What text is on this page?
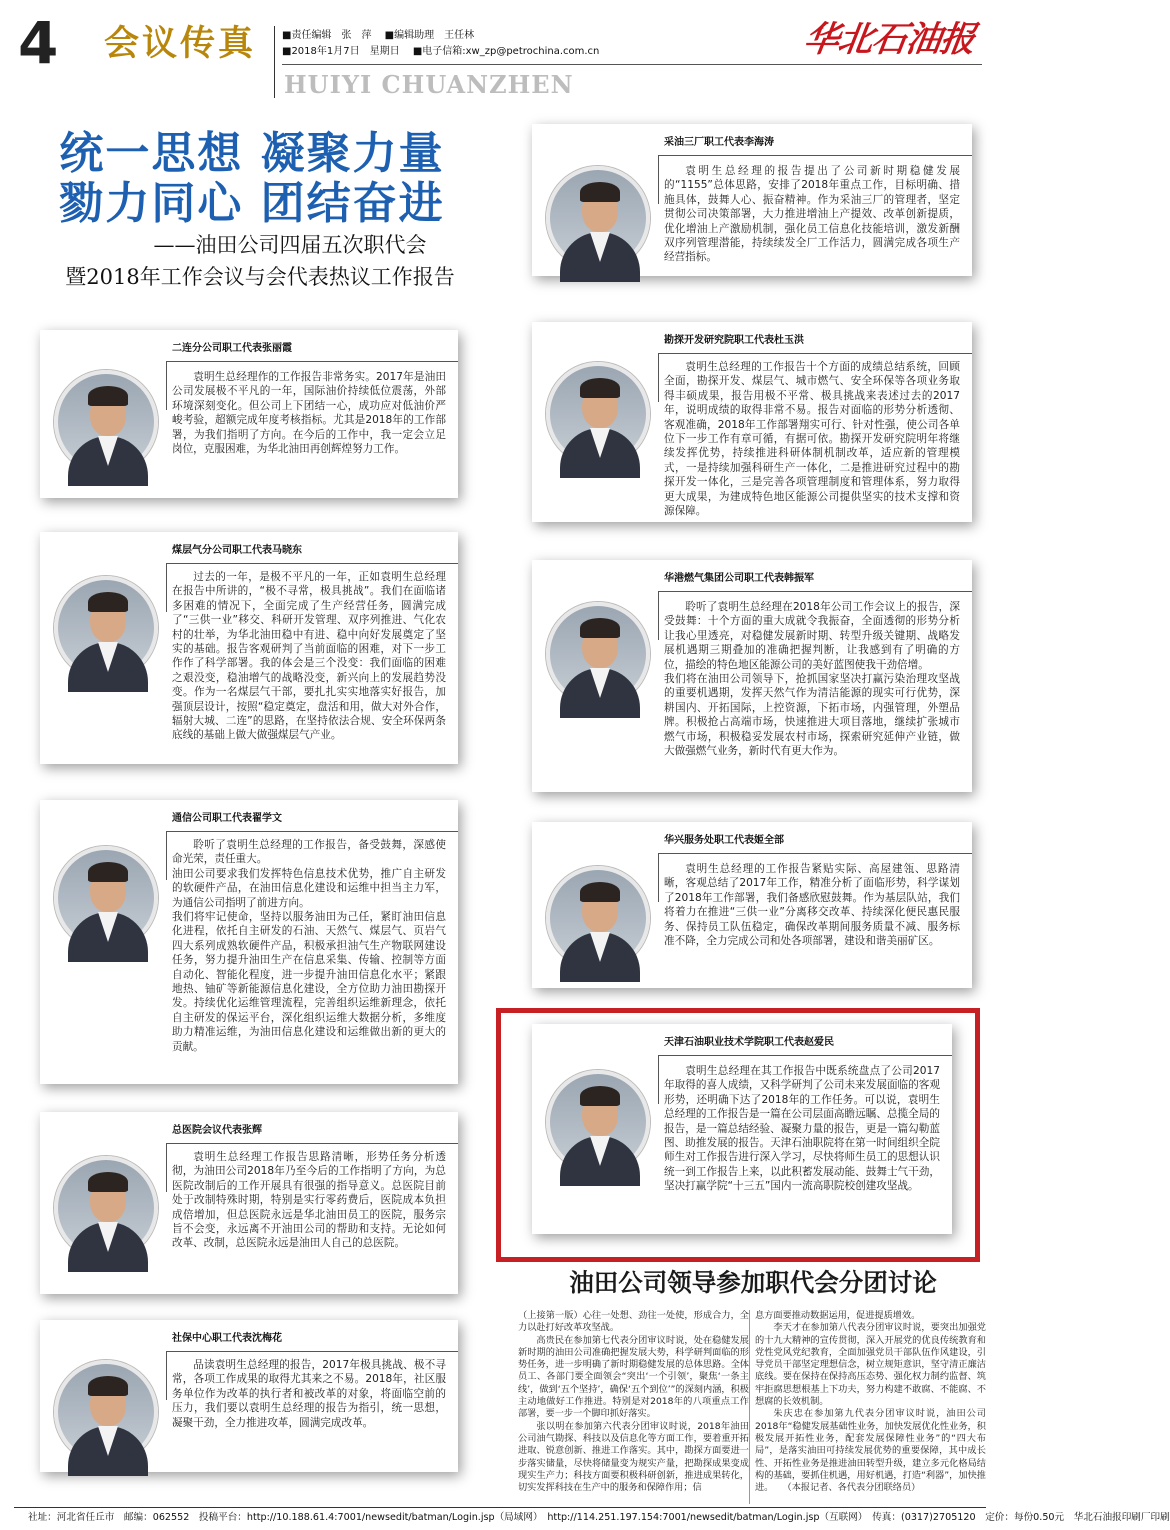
4 会议传真	■责任编辑　张　萍 ■编辑助理　王任林
■2018年1月7日　星期日 ■电子信箱:xw_zp@petrochina.com.cn
HUIYI CHUANZHEN
华北石油报
统一思想 凝聚力量
勠力同心 团结奋进
——油田公司四届五次职代会
暨2018年工作会议与会代表热议工作报告
采油三厂职工代表李海涛
袁明生总经理的报告提出了公司新时期稳健发展的“1155”总体思路，安排了2018年重点工作，目标明确、措施具体，鼓舞人心、振奋精神。作为采油三厂的管理者，坚定贯彻公司决策部署，大力推进增油上产提效、改革创新提质，优化增油上产激励机制，强化员工信息化技能培训，激发新酬双序列管理潜能，持续续发全厂工作活力，圆满完成各项生产经营指标。
勘探开发研究院职工代表杜玉洪
袁明生总经理的工作报告十个方面的成绩总结系统，回顾全面，勘探开发、煤层气、城市燃气、安全环保等各项业务取得丰硕成果，报告用极不平常、极具挑战来表述过去的2017年，说明成绩的取得非常不易。报告对面临的形势分析透彻、客观准确，2018年工作部署翔实可行、针对性强，使公司各单位下一步工作有章可循，有据可依。勘探开发研究院明年将继续发挥优势，持续推进科研体制机制改革，适应新的管理模式，一是持续加强科研生产一体化，二是推进研究过程中的勘探开发一体化，三是完善各项管理制度和管理体系，努力取得更大成果，为建成特色地区能源公司提供坚实的技术支撑和资源保障。
华港燃气集团公司职工代表韩振军
聆听了袁明生总经理在2018年公司工作会议上的报告，深受鼓舞：十个方面的重大成就令我振奋，全面透彻的形势分析让我心里透亮，对稳健发展新时期、转型升级关键期、战略发展机遇期三期叠加的准确把握判断，让我感到有了明确的方位，描绘的特色地区能源公司的美好蓝图使我干劲倍增。
我们将在油田公司领导下，抢抓国家坚决打赢污染治理攻坚战的重要机遇期，发挥天然气作为清洁能源的现实可行优势，深耕国内、开拓国际，上控资源，下拓市场，内强管理，外塑品牌。积极抢占高端市场，快速推进大项目落地，继续扩张城市燃气市场，积极稳妥发展农村市场，探索研究延伸产业链，做大做强燃气业务，新时代有更大作为。
华兴服务处职工代表姬全部
袁明生总经理的工作报告紧贴实际、高屋建瓴、思路清晰，客观总结了2017年工作，精准分析了面临形势，科学谋划了2018年工作部署，我们备感欣慰鼓舞。作为基层队站，我们将着力在推进“三供一业”分离移交改革、持续深化便民惠民服务、保持员工队伍稳定，确保改革期间服务质量不减、服务标准不降，全力完成公司和处各项部署，建设和谐美丽矿区。
天津石油职业技术学院职工代表赵爱民
袁明生总经理在其工作报告中既系统盘点了公司2017年取得的喜人成绩，又科学研判了公司未来发展面临的客观形势，还明确下达了2018年的工作任务。可以说，袁明生总经理的工作报告是一篇在公司层面高瞻远瞩、总揽全局的报告，是一篇总结经验、凝聚力量的报告，更是一篇勾勒蓝图、助推发展的报告。天津石油职院将在第一时间组织全院师生对工作报告进行深入学习，尽快将师生员工的思想认识统一到工作报告上来，以此积蓄发展动能、鼓舞士气干劲，坚决打赢学院“十三五”国内一流高职院校创建攻坚战。
二连分公司职工代表张丽霞
袁明生总经理作的工作报告非常务实。2017年是油田公司发展极不平凡的一年，国际油价持续低位震荡，外部环境深刻变化。但公司上下团结一心，成功应对低油价严峻考验，超额完成年度考核指标。尤其是2018年的工作部署，为我们指明了方向。在今后的工作中，我一定会立足岗位，克服困难，为华北油田再创辉煌努力工作。
煤层气分公司职工代表马晓东
过去的一年，是极不平凡的一年，正如袁明生总经理在报告中所讲的，“极不寻常，极具挑战”。我们在面临诸多困难的情况下，全面完成了生产经营任务，圆满完成了“三供一业”移交、科研开发管理、双序列推进、气化农村的壮举，为华北油田稳中有进、稳中向好发展奠定了坚实的基础。报告客观研判了当前面临的困难，对下一步工作作了科学部署。我的体会是三个没变：我们面临的困难之艰没变，稳油增气的战略没变，新兴向上的发展趋势没变。作为一名煤层气干部，要扎扎实实地落实好报告，加强顶层设计，按照“稳定奠定，盘活和用，做大对外合作，辐射大城、二连”的思路，在坚持依法合规、安全环保两条底线的基础上做大做强煤层气产业。
通信公司职工代表翟学文
聆听了袁明生总经理的工作报告，备受鼓舞，深感使命光荣，责任重大。
油田公司要求我们发挥特色信息技术优势，推广自主研发的软硬件产品，在油田信息化建设和运维中担当主力军，为通信公司指明了前进方向。
我们将牢记使命，坚持以服务油田为己任，紧盯油田信息化进程，依托自主研发的石油、天然气、煤层气、页岩气四大系列成熟软硬件产品，积极承担油气生产物联网建设任务，努力提升油田生产在信息采集、传输、控制等方面自动化、智能化程度，进一步提升油田信息化水平；紧跟地热、铀矿等新能源信息化建设，全方位助力油田勘探开发。持续优化运维管理流程，完善组织运维新理念，依托自主研发的保运平台，深化组织运维大数据分析，多维度助力精准运维，为油田信息化建设和运维做出新的更大的贡献。
总医院会议代表张辉
袁明生总经理工作报告思路清晰，形势任务分析透彻，为油田公司2018年乃至今后的工作指明了方向，为总医院改制后的工作开展具有很强的指导意义。总医院目前处于改制特殊时期，特别是实行零药费后，医院成本负担成倍增加，但总医院永远是华北油田员工的医院，服务宗旨不会变，永远离不开油田公司的帮助和支持。无论如何改革、改制，总医院永远是油田人自己的总医院。
社保中心职工代表沈梅花
品读袁明生总经理的报告，2017年极具挑战、极不寻常，各项工作成果的取得尤其来之不易。2018年，社区服务单位作为改革的执行者和被改革的对象，将面临空前的压力，我们要以袁明生总经理的报告为指引，统一思想，凝聚干劲，全力推进攻革，圆满完成改革。
油田公司领导参加职代会分团讨论

（上接第一版）心往一处想、劲往一处使，形成合力，全力以赴打好改革攻坚战。

高贵民在参加第七代表分团审议时说，处在稳健发展新时期的油田公司准确把握发展大势，科学研判面临的形势任务，进一步明确了新时期稳健发展的总体思路。全体员工、各部门要全面领会“突出‘一个引领’，聚焦‘一条主线’，做到‘五个坚持’，确保‘五个到位’”的深刻内涵，积极主动地做好工作推进。特别是对2018年的八项重点工作部署，要一步一个脚印抓好落实。

张以明在参加第六代表分团审议时说，2018年油田公司油气勘探、科技以及信息化等方面工作，要着重开拓进取、锐意创新、推进工作落实。其中，勘探方面要进一步落实储量，尽快将储量变为规实产量，把勘探成果变成现实生产力；科技方面要积极科研创新，推进成果转化，切实发挥科技在生产中的服务和保障作用；信

息方面要推动数据运用，促进提质增效。

李天才在参加第八代表分团审议时说，要突出加强党的十九大精神的宣传贯彻，深入开展党的优良传统教育和党性党风党纪教育，全面加强党员干部队伍作风建设，引导党员干部坚定理想信念，树立规矩意识，坚守清正廉洁底线。要在保持在保持高压态势、强化权力制约监督、筑牢拒腐思想根基上下功夫，努力构建不敢腐、不能腐、不想腐的长效机制。

朱庆忠在参加第九代表分团审议时说，油田公司2018年“稳健发展基础性业务，加快发展优化性业务，积极发展开拓性业务，配套发展保障性业务”的“四大布局”，是落实油田可持续发展优势的重要保障，其中成长性、开拓性业务是推进油田转型升级，建立多元化格局结构的基础，要抓住机遇，用好机遇，打造“利器”，加快推进。　　（本报记者、各代表分团联络员）

社址：河北省任丘市　邮编：062552　投稿平台：http://10.188.61.4:7001/newsedit/batman/Login.jsp（局域网）　http://114.251.197.154:7001/newsedit/batman/Login.jsp（互联网）　传真：(0317)2705120　定价：每份0.50元　华北石油报印刷厂印刷
